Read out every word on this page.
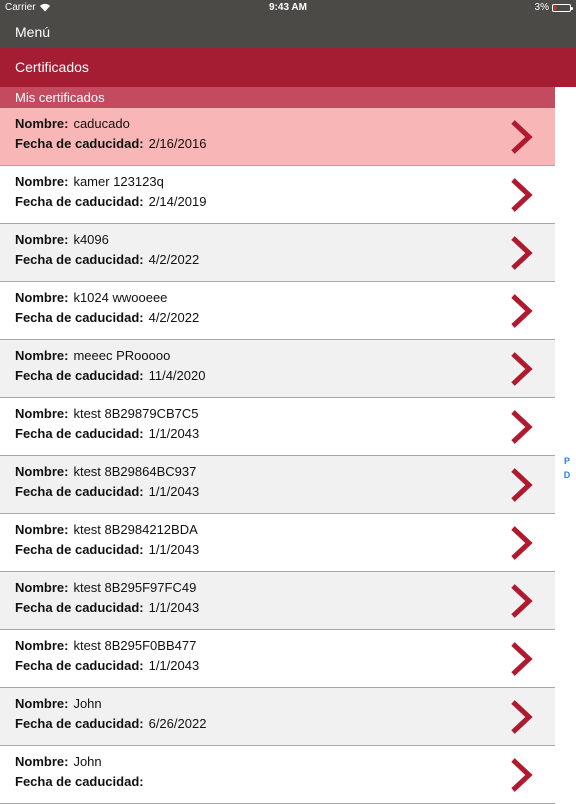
Carrier	9:43 AM	3%
Menú
Certificados
Mis certificados
Nombre: caducado
Fecha de caducidad: 2/16/2016
Nombre: kamer 123123q
Fecha de caducidad: 2/14/2019
Nombre: k4096
Fecha de caducidad: 4/2/2022
Nombre: k1024 wwooeee
Fecha de caducidad: 4/2/2022
Nombre: meeec PRooooo
Fecha de caducidad: 11/4/2020
Nombre: ktest 8B29879CB7C5
Fecha de caducidad: 1/1/2043
Nombre: ktest 8B29864BC937
Fecha de caducidad: 1/1/2043
Nombre: ktest 8B2984212BDA
Fecha de caducidad: 1/1/2043
Nombre: ktest 8B295F97FC49
Fecha de caducidad: 1/1/2043
Nombre: ktest 8B295F0BB477
Fecha de caducidad: 1/1/2043
Nombre: John
Fecha de caducidad: 6/26/2022
Nombre: John
Fecha de caducidad:
P
D
